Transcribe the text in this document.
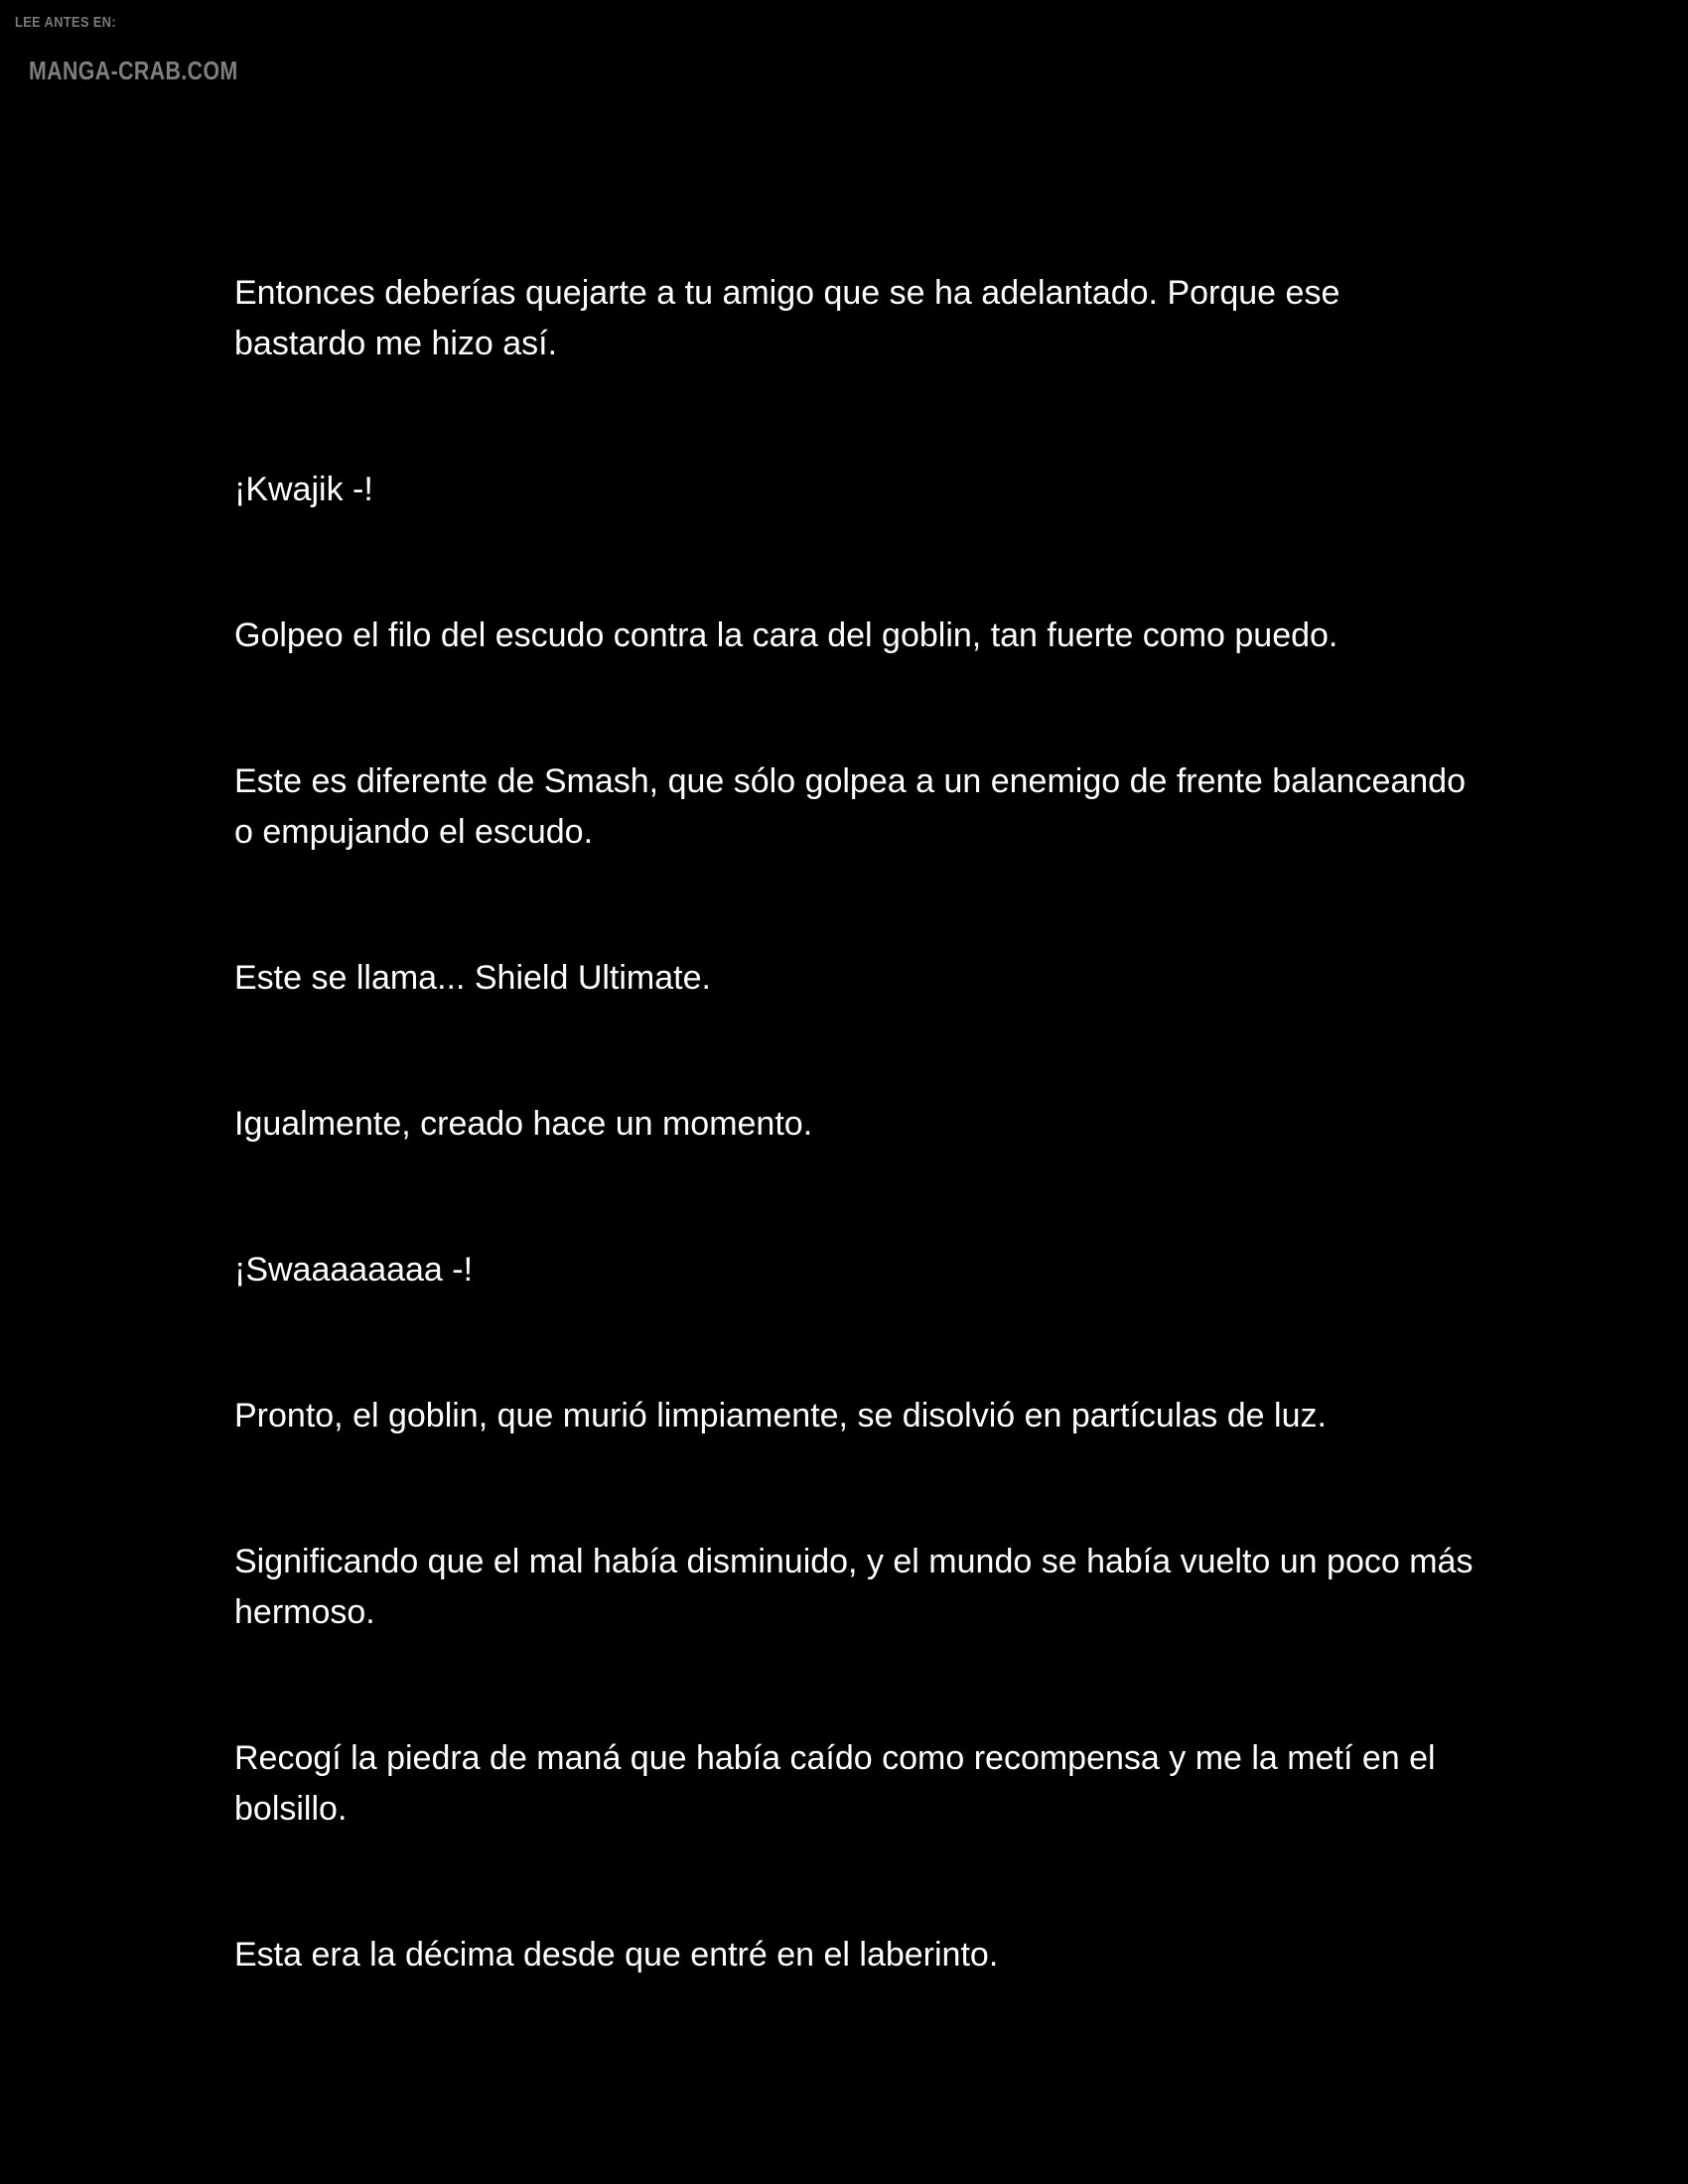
LEE ANTES EN:
MANGA-CRAB.COM

Entonces deberías quejarte a tu amigo que se ha adelantado. Porque ese bastardo me hizo así.

¡Kwajik -!

Golpeo el filo del escudo contra la cara del goblin, tan fuerte como puedo.

Este es diferente de Smash, que sólo golpea a un enemigo de frente balanceando o empujando el escudo.

Este se llama... Shield Ultimate.

Igualmente, creado hace un momento.

¡Swaaaaaaaa -!

Pronto, el goblin, que murió limpiamente, se disolvió en partículas de luz.

Significando que el mal había disminuido, y el mundo se había vuelto un poco más hermoso.

Recogí la piedra de maná que había caído como recompensa y me la metí en el bolsillo.

Esta era la décima desde que entré en el laberinto.
